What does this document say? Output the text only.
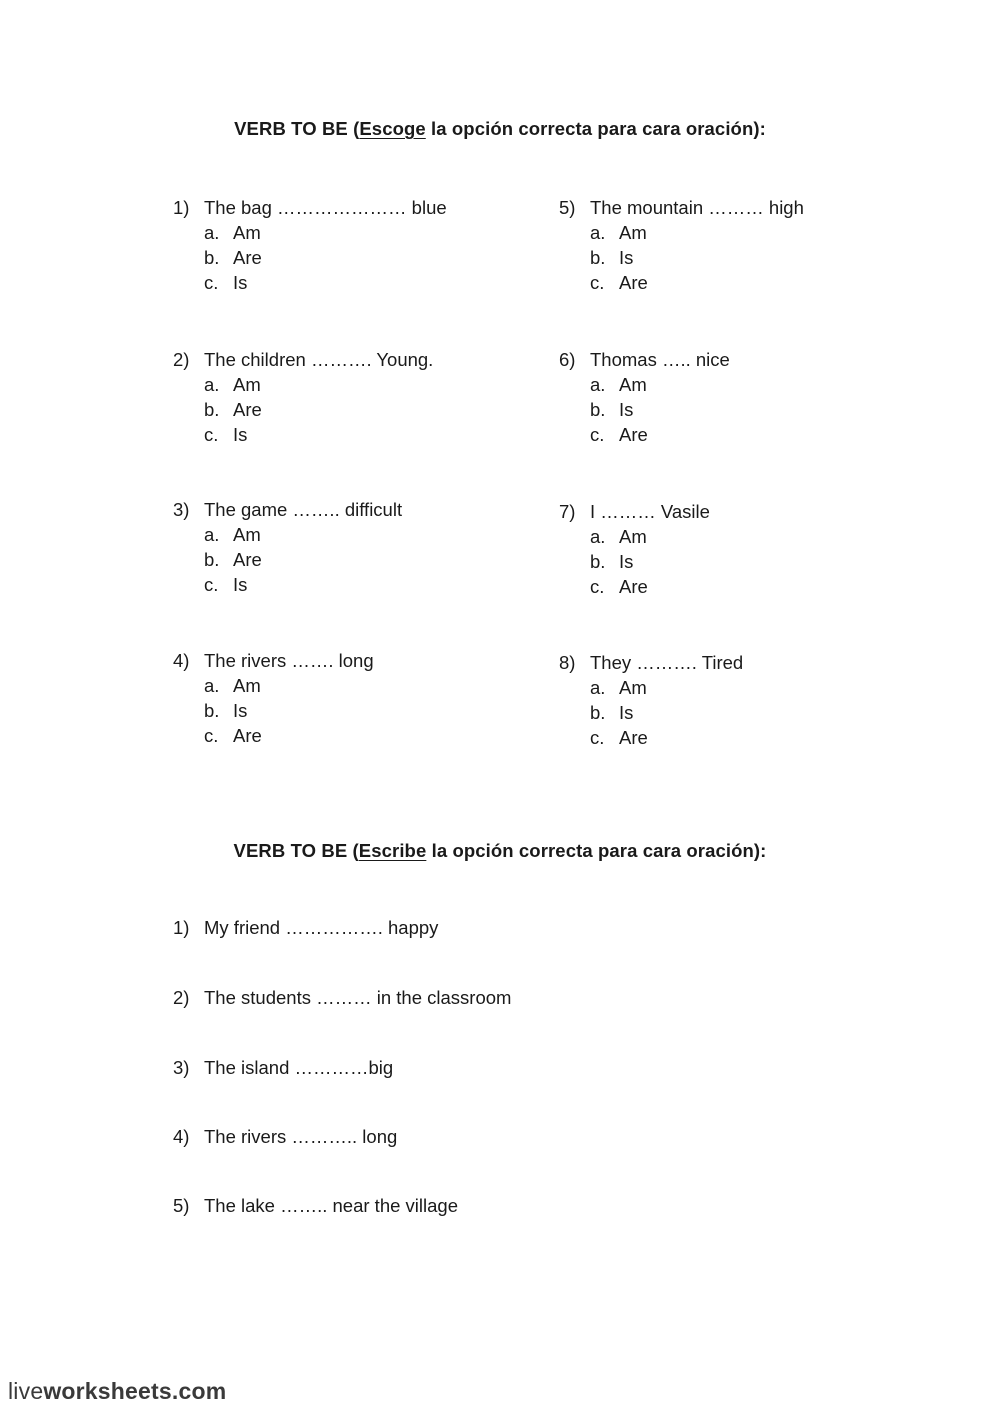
VERB TO BE (Escoge la opción correcta para cara oración):
1) The bag ………………… blue
a. Am
b. Are
c. Is
2) The children ………. Young.
a. Am
b. Are
c. Is
3) The game …….. difficult
a. Am
b. Are
c. Is
4) The rivers ……. long
a. Am
b. Is
c. Are
5) The mountain ……… high
a. Am
b. Is
c. Are
6) Thomas ….. nice
a. Am
b. Is
c. Are
7) I ……… Vasile
a. Am
b. Is
c. Are
8) They ………. Tired
a. Am
b. Is
c. Are
VERB TO BE (Escribe la opción correcta para cara oración):
1) My friend ……………. happy
2) The students ……… in the classroom
3) The island …………big
4) The rivers ……….. long
5) The lake …….. near the village
liveworksheets.com
